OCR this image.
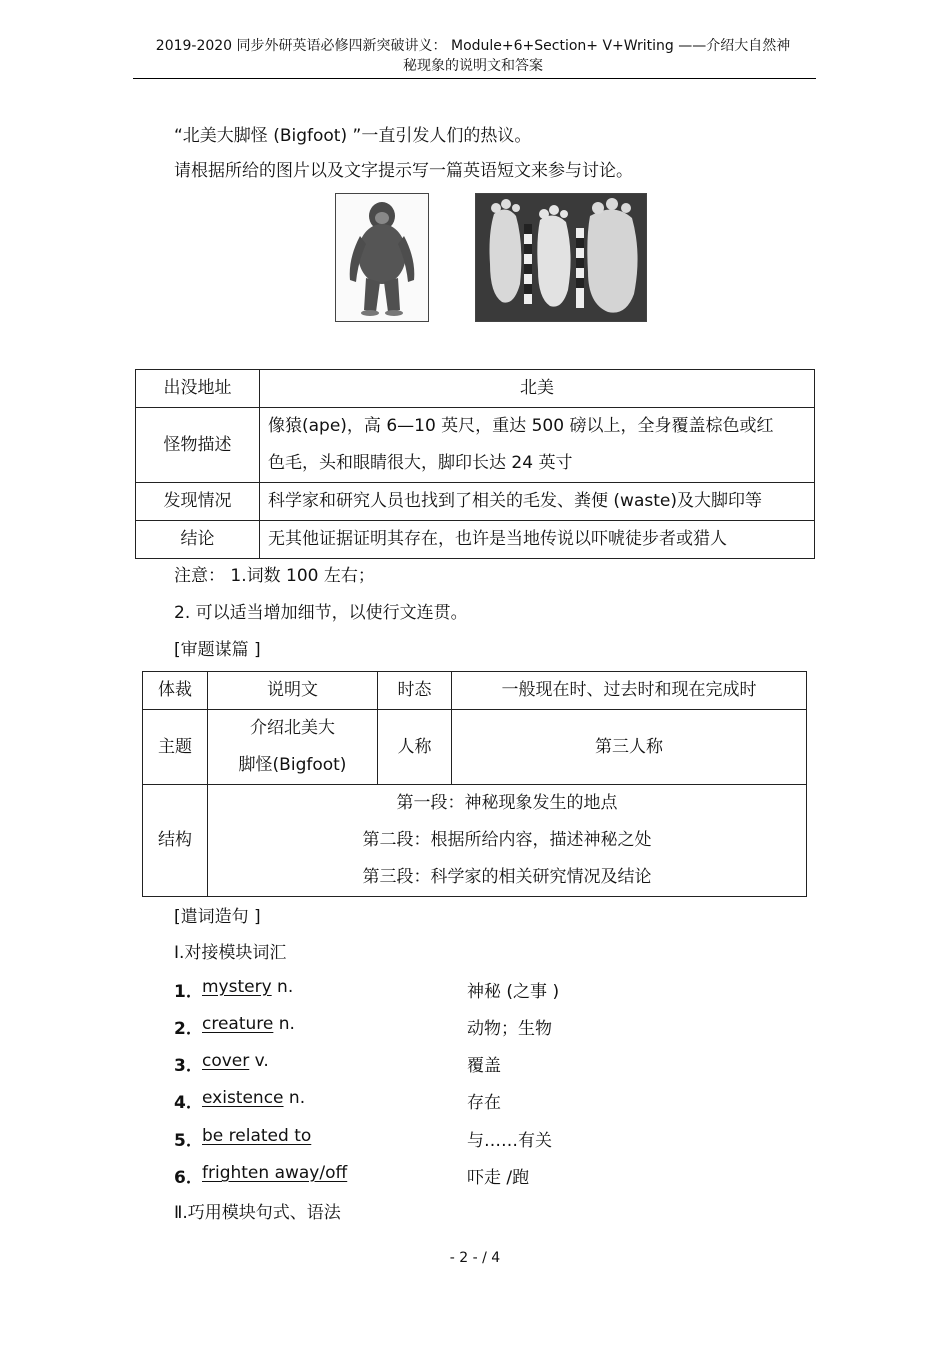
2019-2020 同步外研英语必修四新突破讲义： Module+6+Section+ Ⅴ+Writing ——介绍大自然神
秘现象的说明文和答案
“北美大脚怪 (Bigfoot) ”一直引发人们的热议。
请根据所给的图片以及文字提示写一篇英语短文来参与讨论。
出没地址	北美
怪物描述	像猿(ape)，高 6—10 英尺，重达 500 磅以上，全身覆盖棕色或红
色毛，头和眼睛很大，脚印长达 24 英寸

发现情况	科学家和研究人员也找到了相关的毛发、粪便 (waste)及大脚印等
结论	无其他证据证明其存在，也许是当地传说以吓唬徒步者或猎人
注意： 1.词数 100 左右；
2. 可以适当增加细节，以使行文连贯。
[审题谋篇 ]
体裁	说明文	时态	一般现在时、过去时和现在完成时
主题	介绍北美大
脚怪(Bigfoot)	人称	第三人称
结构	第一段：神秘现象发生的地点
第二段：根据所给内容，描述神秘之处
第三段：科学家的相关研究情况及结论		
[遣词造句 ]
Ⅰ.对接模块词汇
1． mystery n.	神秘 (之事 )
2． creature n.	动物；生物
3． cover v.	覆盖
4． existence n.	存在
5． be related to	与……有关
6． frighten away/off	吓走 /跑
Ⅱ.巧用模块句式、语法
- 2 - / 4
